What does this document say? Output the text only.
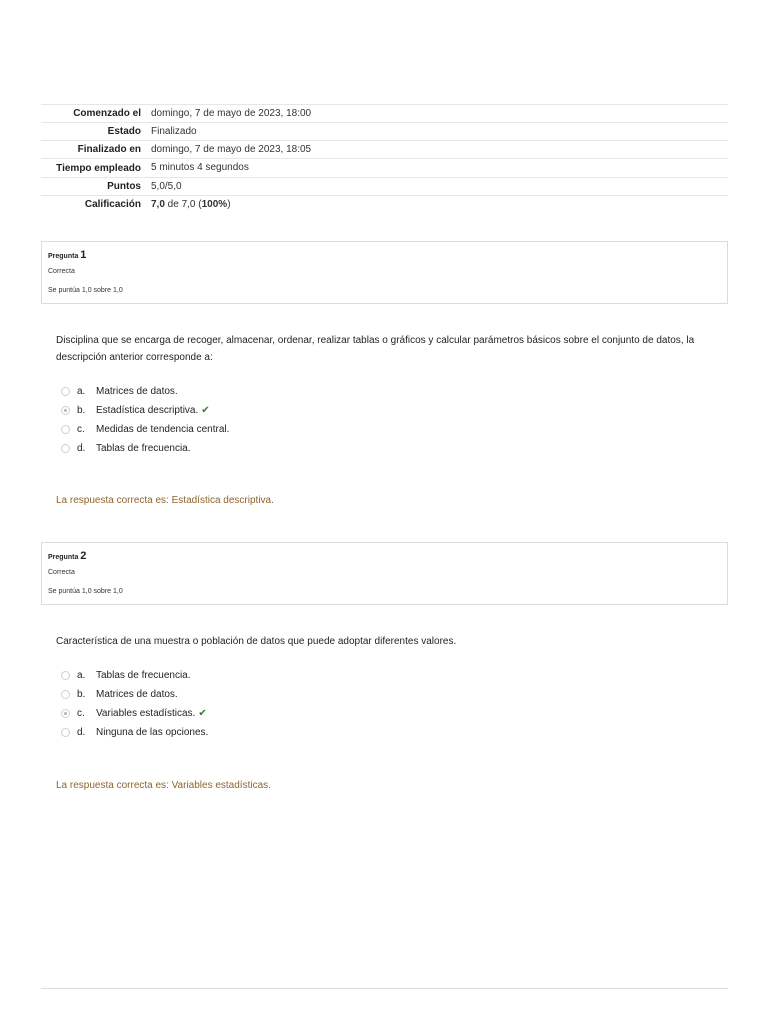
Comenzado el	domingo, 7 de mayo de 2023, 18:00
Estado	Finalizado
Finalizado en	domingo, 7 de mayo de 2023, 18:05
Tiempo empleado	5 minutos 4 segundos
Puntos	5,0/5,0
Calificación	7,0 de 7,0 (100%)
Pregunta 1
Correcta
Se puntúa 1,0 sobre 1,0
Disciplina que se encarga de recoger, almacenar, ordenar, realizar tablas o gráficos y calcular parámetros básicos sobre el conjunto de datos, la descripción anterior corresponde a:
a.	Matrices de datos.
b.	Estadística descriptiva. ✔
c.	Medidas de tendencia central.
d.	Tablas de frecuencia.
La respuesta correcta es: Estadística descriptiva.
Pregunta 2
Correcta
Se puntúa 1,0 sobre 1,0
Característica de una muestra o población de datos que puede adoptar diferentes valores.
a.	Tablas de frecuencia.
b.	Matrices de datos.
c.	Variables estadísticas. ✔
d.	Ninguna de las opciones.
La respuesta correcta es: Variables estadísticas.
